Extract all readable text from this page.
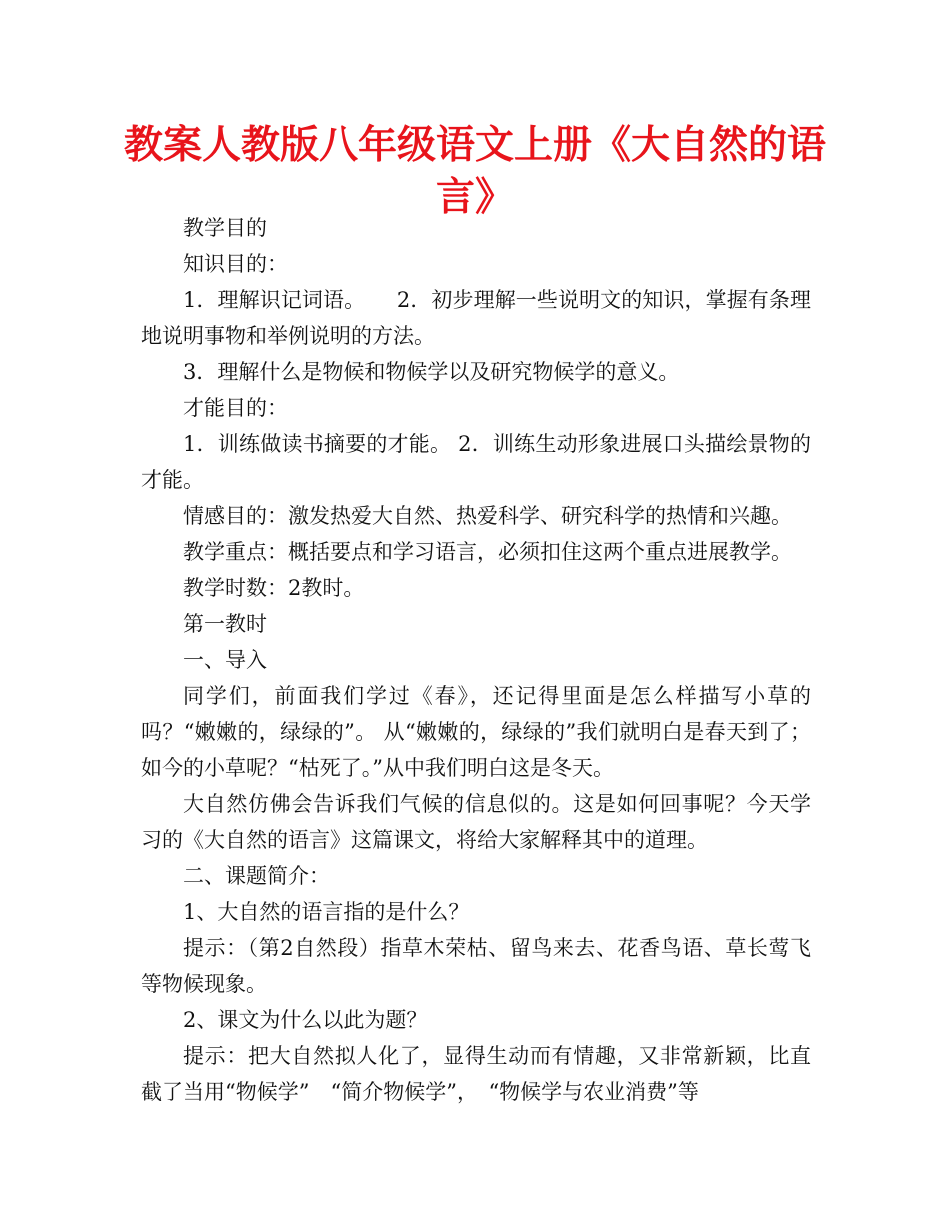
教案人教版八年级语文上册《大自然的语言》

教学目的

知识目的：

1．理解识记词语。　　2．初步理解一些说明文的知识，掌握有条理地说明事物和举例说明的方法。

3．理解什么是物候和物候学以及研究物候学的意义。

才能目的：

1．训练做读书摘要的才能。 2．训练生动形象进展口头描绘景物的才能。

情感目的：激发热爱大自然、热爱科学、研究科学的热情和兴趣。

教学重点：概括要点和学习语言，必须扣住这两个重点进展教学。

教学时数：2教时。

第一教时

一、导入

同学们，前面我们学过《春》，还记得里面是怎么样描写小草的吗？“嫩嫩的，绿绿的”。 从“嫩嫩的，绿绿的”我们就明白是春天到了；如今的小草呢？“枯死了。”从中我们明白这是冬天。

大自然仿佛会告诉我们气候的信息似的。这是如何回事呢？今天学习的《大自然的语言》这篇课文，将给大家解释其中的道理。

二、课题简介：

1、大自然的语言指的是什么？

提示：（第2自然段）指草木荣枯、留鸟来去、花香鸟语、草长莺飞等物候现象。

2、课文为什么以此为题？

提示：把大自然拟人化了，显得生动而有情趣，又非常新颖，比直截了当用“物候学”　“简介物候学”，　“物候学与农业消费”等
